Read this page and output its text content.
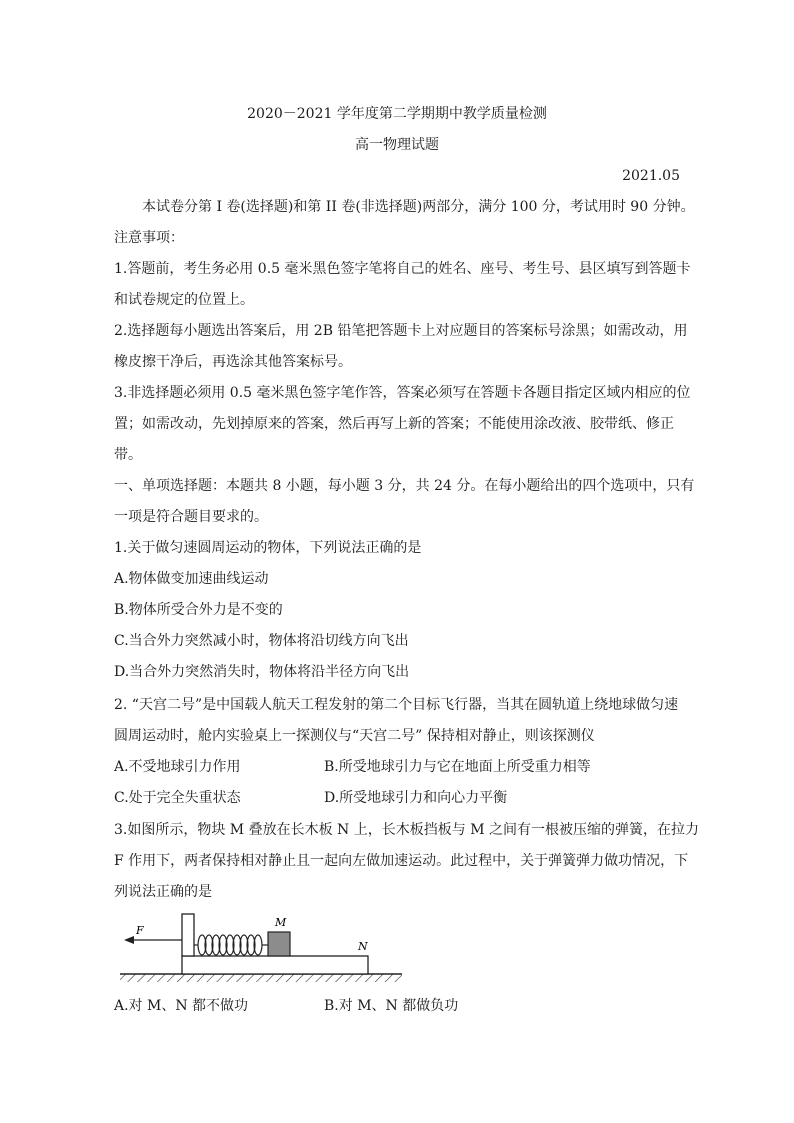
2020－2021 学年度第二学期期中教学质量检测
高一物理试题
2021.05
本试卷分第 I 卷(选择题)和第 II 卷(非选择题)两部分，满分 100 分，考试用时 90 分钟。
注意事项：
1.答题前，考生务必用 0.5 毫米黑色签字笔将自己的姓名、座号、考生号、县区填写到答题卡
和试卷规定的位置上。
2.选择题每小题选出答案后，用 2B 铅笔把答题卡上对应题目的答案标号涂黑；如需改动，用
橡皮擦干净后，再选涂其他答案标号。
3.非选择题必须用 0.5 毫米黑色签字笔作答，答案必须写在答题卡各题目指定区域内相应的位
置；如需改动，先划掉原来的答案，然后再写上新的答案；不能使用涂改液、胶带纸、修正
带。
一、单项选择题：本题共 8 小题，每小题 3 分，共 24 分。在每小题给出的四个选项中，只有
一项是符合题目要求的。
1.关于做匀速圆周运动的物体，下列说法正确的是
A.物体做变加速曲线运动
B.物体所受合外力是不变的
C.当合外力突然减小时，物体将沿切线方向飞出
D.当合外力突然消失时，物体将沿半径方向飞出
2. “天宫二号”是中国载人航天工程发射的第二个目标飞行器，当其在圆轨道上绕地球做匀速
圆周运动时，舱内实验桌上一探测仪与“天宫二号” 保持相对静止，则该探测仪
A.不受地球引力作用	B.所受地球引力与它在地面上所受重力相等
C.处于完全失重状态	D.所受地球引力和向心力平衡
3.如图所示，物块 M 叠放在长木板 N 上，长木板挡板与 M 之间有一根被压缩的弹簧，在拉力
F 作用下，两者保持相对静止且一起向左做加速运动。此过程中，关于弹簧弹力做功情况，下
列说法正确的是
F
M
N
A.对 M、N 都不做功	B.对 M、N 都做负功
